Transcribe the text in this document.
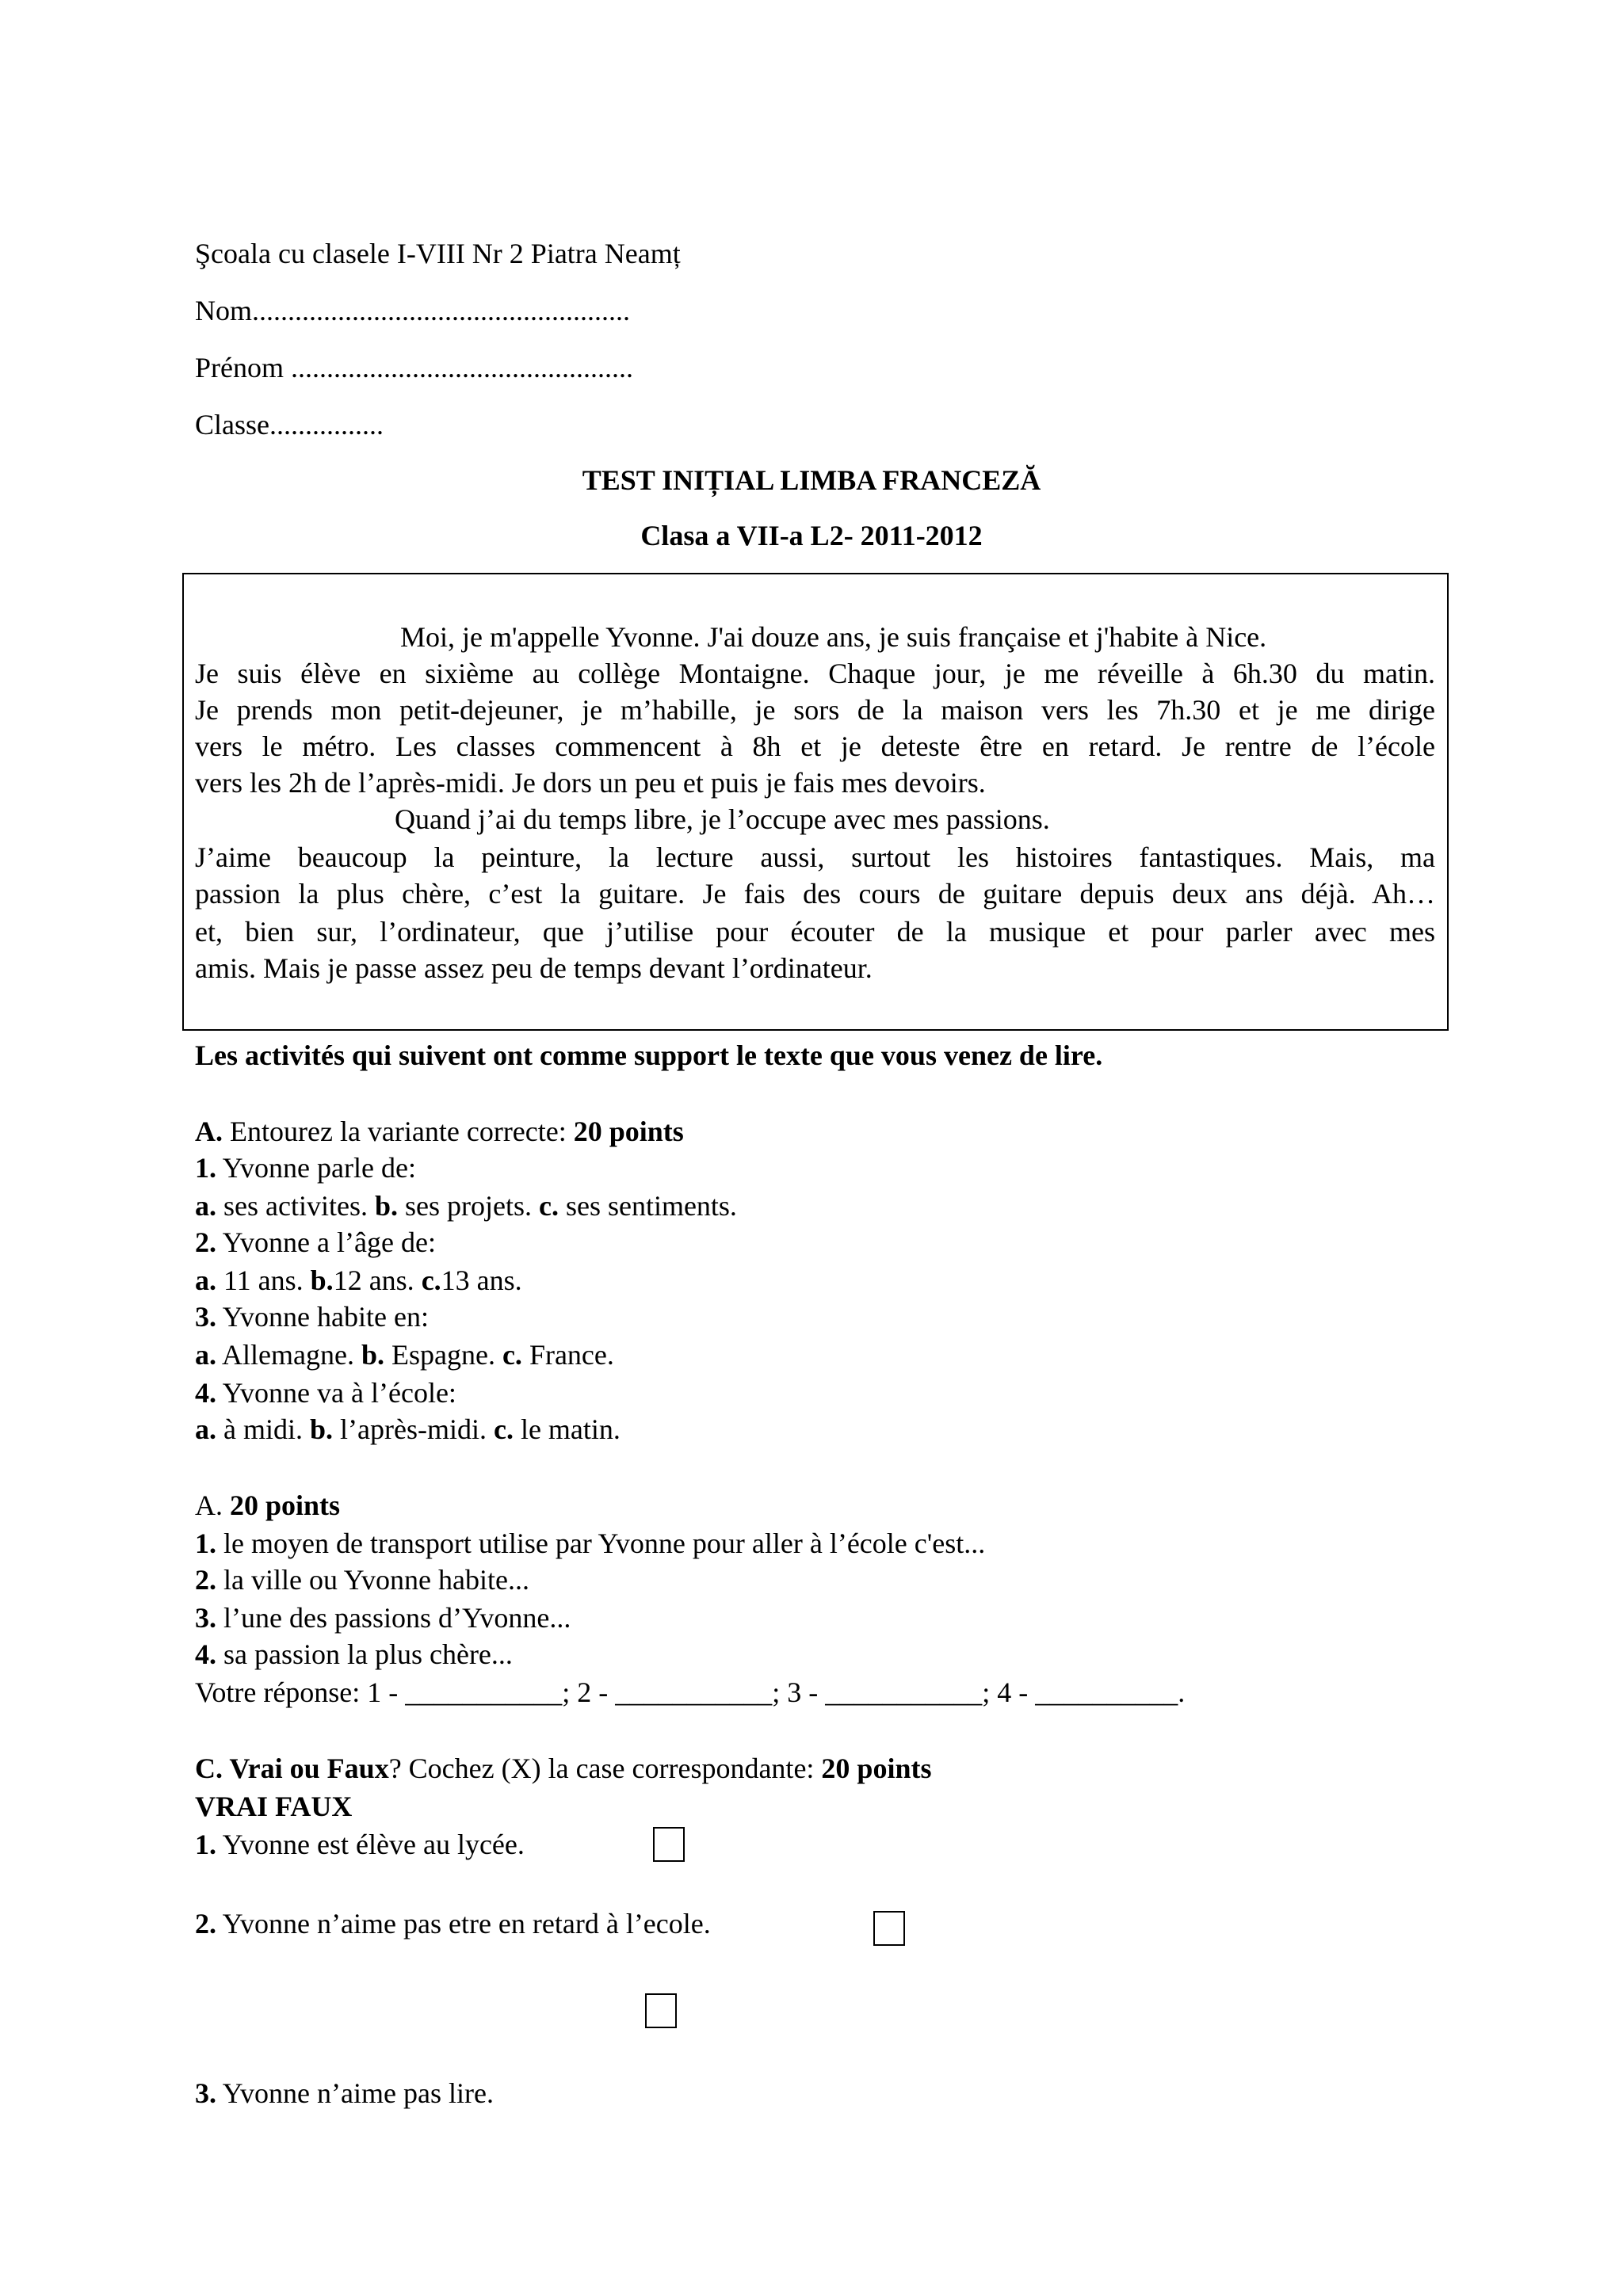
Şcoala cu clasele I-VIII Nr 2 Piatra Neamț
Nom.....................................................
Prénom ................................................
Classe................
TEST INIȚIAL LIMBA FRANCEZĂ
Clasa a VII-a L2- 2011-2012
Moi, je m'appelle Yvonne. J'ai douze ans, je suis française et j'habite à Nice.
Je suis élève en sixième au collège Montaigne. Chaque jour, je me réveille à 6h.30 du matin.
Je prends mon petit-dejeuner, je m’habille, je sors de la maison vers les 7h.30 et je me dirige
vers le métro. Les classes commencent à 8h et je deteste être en retard. Je rentre de l’école
vers les 2h de l’après-midi. Je dors un peu et puis je fais mes devoirs.
Quand j’ai du temps libre, je l’occupe avec mes passions.
J’aime beaucoup la peinture, la lecture aussi, surtout les histoires fantastiques. Mais, ma
passion la plus chère, c’est la guitare. Je fais des cours de guitare depuis deux ans déjà. Ah…
et, bien sur, l’ordinateur, que j’utilise pour écouter de la musique et pour parler avec mes
amis. Mais je passe assez peu de temps devant l’ordinateur.
Les activités qui suivent ont comme support le texte que vous venez de lire.
A. Entourez la variante correcte: 20 points
1. Yvonne parle de:
a. ses activites. b. ses projets. c. ses sentiments.
2. Yvonne a l’âge de:
a. 11 ans. b.12 ans. c.13 ans.
3. Yvonne habite en:
a. Allemagne. b. Espagne. c. France.
4. Yvonne va à l’école:
a. à midi. b. l’après-midi. c. le matin.
A. 20 points
1. le moyen de transport utilise par Yvonne pour aller à l’école c'est...
2. la ville ou Yvonne habite...
3. l’une des passions d’Yvonne...
4. sa passion la plus chère...
Votre réponse: 1 - ___________; 2 - ___________; 3 - ___________; 4 - __________.
C. Vrai ou Faux? Cochez (X) la case correspondante: 20 points
VRAI FAUX
1. Yvonne est élève au lycée.
2. Yvonne n’aime pas etre en retard à l’ecole.
3. Yvonne n’aime pas lire.
